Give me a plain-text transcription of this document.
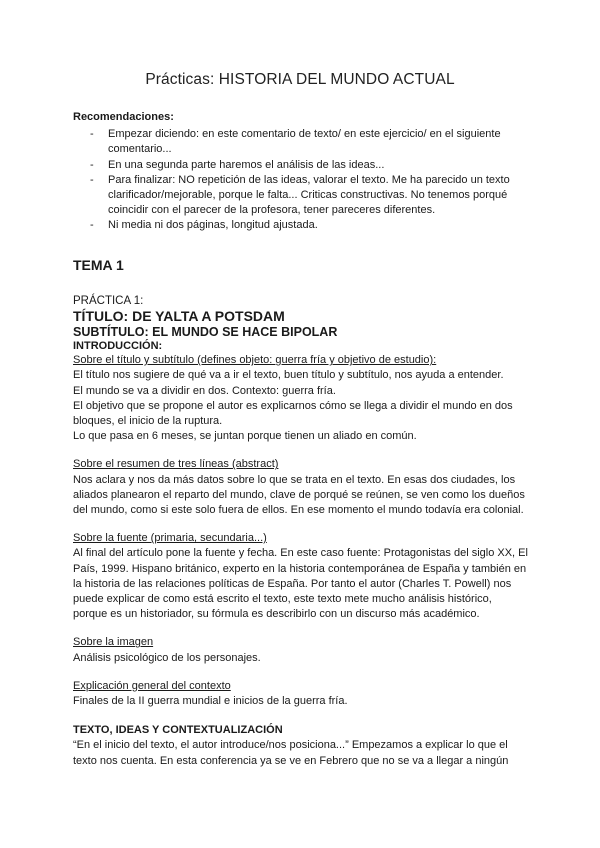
Prácticas: HISTORIA DEL MUNDO ACTUAL

Recomendaciones:

- Empezar diciendo: en este comentario de texto/ en este ejercicio/ en el siguiente comentario...
- En una segunda parte haremos el análisis de las ideas...
- Para finalizar: NO repetición de las ideas, valorar el texto. Me ha parecido un texto clarificador/mejorable, porque le falta... Criticas constructivas. No tenemos porqué coincidir con el parecer de la profesora, tener pareceres diferentes.
- Ni media ni dos páginas, longitud ajustada.

TEMA 1

PRÁCTICA 1:

TÍTULO: DE YALTA A POTSDAM

SUBTÍTULO: EL MUNDO SE HACE BIPOLAR

INTRODUCCIÓN:

Sobre el título y subtítulo (defines objeto: guerra fría y objetivo de estudio):

El título nos sugiere de qué va a ir el texto, buen título y subtítulo, nos ayuda a entender.

El mundo se va a dividir en dos. Contexto: guerra fría.

El objetivo que se propone el autor es explicarnos cómo se llega a dividir el mundo en dos bloques, el inicio de la ruptura.

Lo que pasa en 6 meses, se juntan porque tienen un aliado en común.

Sobre el resumen de tres líneas (abstract)

Nos aclara y nos da más datos sobre lo que se trata en el texto. En esas dos ciudades, los aliados planearon el reparto del mundo, clave de porqué se reúnen, se ven como los dueños del mundo, como si este solo fuera de ellos. En ese momento el mundo todavía era colonial.

Sobre la fuente (primaria, secundaria...)

Al final del artículo pone la fuente y fecha. En este caso fuente: Protagonistas del siglo XX, El País, 1999. Hispano británico, experto en la historia contemporánea de España y también en la historia de las relaciones políticas de España. Por tanto el autor (Charles T. Powell) nos puede explicar de como está escrito el texto, este texto mete mucho análisis histórico, porque es un historiador, su fórmula es describirlo con un discurso más académico.

Sobre la imagen

Análisis psicológico de los personajes.

Explicación general del contexto

Finales de la II guerra mundial e inicios de la guerra fría.

TEXTO, IDEAS Y CONTEXTUALIZACIÓN

“En el inicio del texto, el autor introduce/nos posiciona...” Empezamos a explicar lo que el texto nos cuenta. En esta conferencia ya se ve en Febrero que no se va a llegar a ningún
